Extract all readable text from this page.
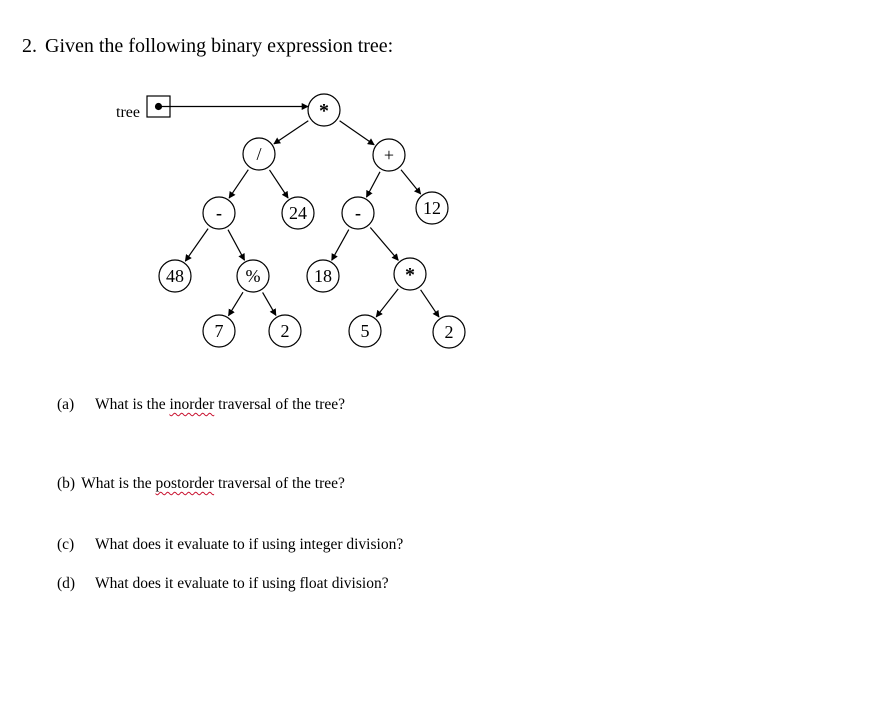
2. Given the following binary expression tree:
tree	*
/	+
-	24	-	12
48	%	18	*
7	2	5	2
(a) What is the inorder traversal of the tree?
(b) What is the postorder traversal of the tree?
(c) What does it evaluate to if using integer division?
(d) What does it evaluate to if using float division?
